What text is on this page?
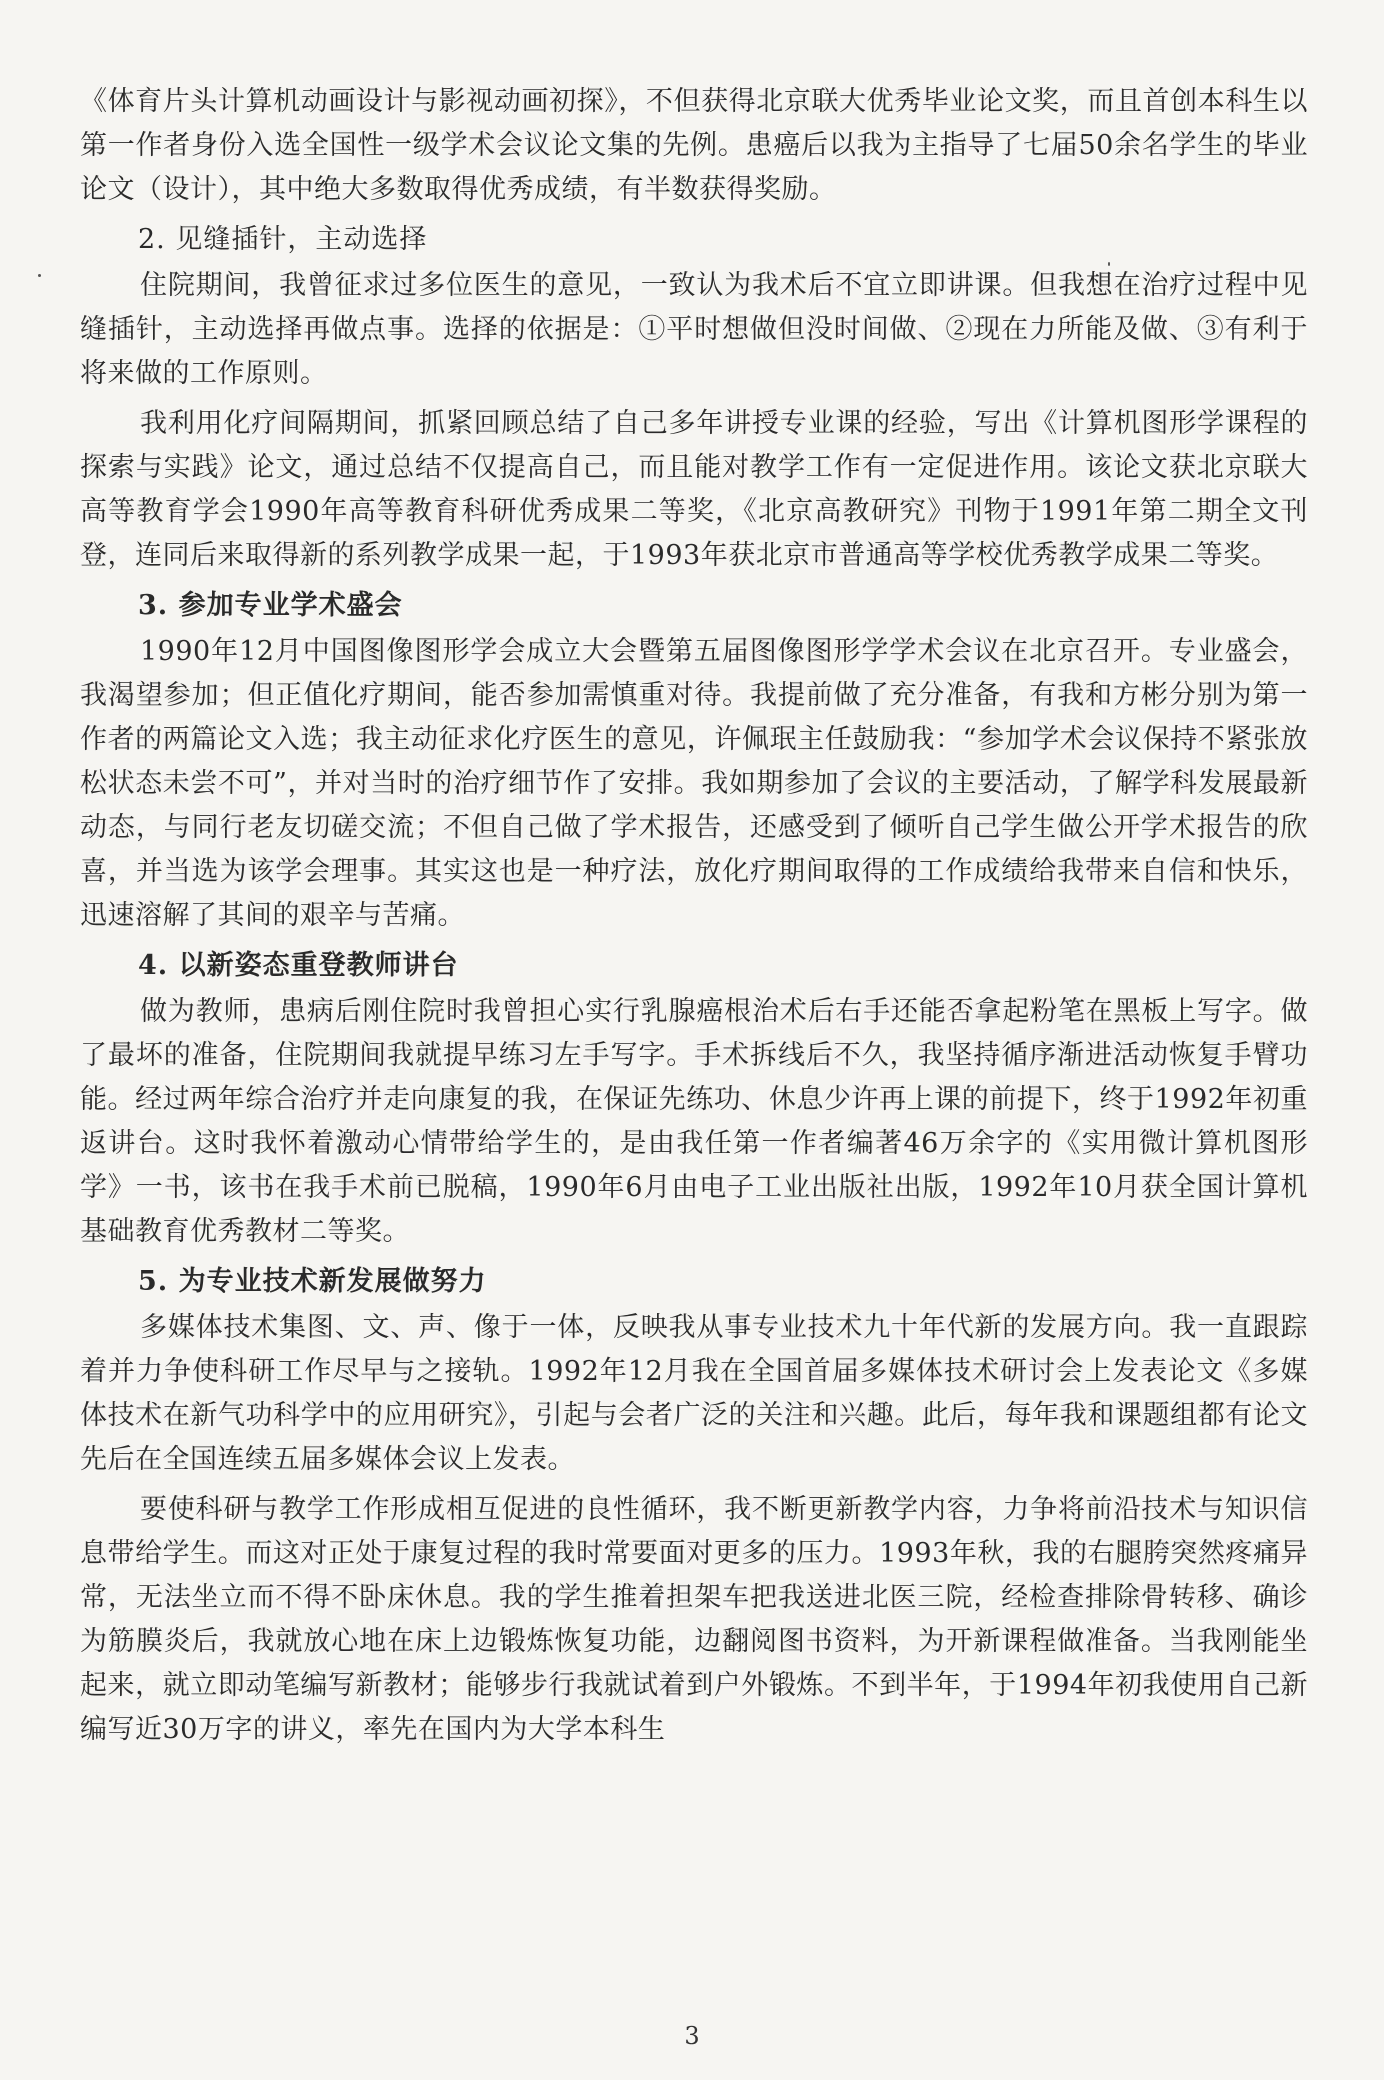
《体育片头计算机动画设计与影视动画初探》，不但获得北京联大优秀毕业论文奖，而且首创本科生以第一作者身份入选全国性一级学术会议论文集的先例。患癌后以我为主指导了七届50余名学生的毕业论文（设计），其中绝大多数取得优秀成绩，有半数获得奖励。

2. 见缝插针，主动选择

住院期间，我曾征求过多位医生的意见，一致认为我术后不宜立即讲课。但我想在治疗过程中见缝插针，主动选择再做点事。选择的依据是：①平时想做但没时间做、②现在力所能及做、③有利于将来做的工作原则。

我利用化疗间隔期间，抓紧回顾总结了自己多年讲授专业课的经验，写出《计算机图形学课程的探索与实践》论文，通过总结不仅提高自己，而且能对教学工作有一定促进作用。该论文获北京联大高等教育学会1990年高等教育科研优秀成果二等奖，《北京高教研究》刊物于1991年第二期全文刊登，连同后来取得新的系列教学成果一起，于1993年获北京市普通高等学校优秀教学成果二等奖。

3. 参加专业学术盛会

1990年12月中国图像图形学会成立大会暨第五届图像图形学学术会议在北京召开。专业盛会，我渴望参加；但正值化疗期间，能否参加需慎重对待。我提前做了充分准备，有我和方彬分别为第一作者的两篇论文入选；我主动征求化疗医生的意见，许佩珉主任鼓励我：“参加学术会议保持不紧张放松状态未尝不可”，并对当时的治疗细节作了安排。我如期参加了会议的主要活动，了解学科发展最新动态，与同行老友切磋交流；不但自己做了学术报告，还感受到了倾听自己学生做公开学术报告的欣喜，并当选为该学会理事。其实这也是一种疗法，放化疗期间取得的工作成绩给我带来自信和快乐，迅速溶解了其间的艰辛与苦痛。

4. 以新姿态重登教师讲台

做为教师，患病后刚住院时我曾担心实行乳腺癌根治术后右手还能否拿起粉笔在黑板上写字。做了最坏的准备，住院期间我就提早练习左手写字。手术拆线后不久，我坚持循序渐进活动恢复手臂功能。经过两年综合治疗并走向康复的我，在保证先练功、休息少许再上课的前提下，终于1992年初重返讲台。这时我怀着激动心情带给学生的，是由我任第一作者编著46万余字的《实用微计算机图形学》一书，该书在我手术前已脱稿，1990年6月由电子工业出版社出版，1992年10月获全国计算机基础教育优秀教材二等奖。

5. 为专业技术新发展做努力

多媒体技术集图、文、声、像于一体，反映我从事专业技术九十年代新的发展方向。我一直跟踪着并力争使科研工作尽早与之接轨。1992年12月我在全国首届多媒体技术研讨会上发表论文《多媒体技术在新气功科学中的应用研究》，引起与会者广泛的关注和兴趣。此后，每年我和课题组都有论文先后在全国连续五届多媒体会议上发表。

要使科研与教学工作形成相互促进的良性循环，我不断更新教学内容，力争将前沿技术与知识信息带给学生。而这对正处于康复过程的我时常要面对更多的压力。1993年秋，我的右腿胯突然疼痛异常，无法坐立而不得不卧床休息。我的学生推着担架车把我送进北医三院，经检查排除骨转移、确诊为筋膜炎后，我就放心地在床上边锻炼恢复功能，边翻阅图书资料，为开新课程做准备。当我刚能坐起来，就立即动笔编写新教材；能够步行我就试着到户外锻炼。不到半年，于1994年初我使用自己新编写近30万字的讲义，率先在国内为大学本科生

3
